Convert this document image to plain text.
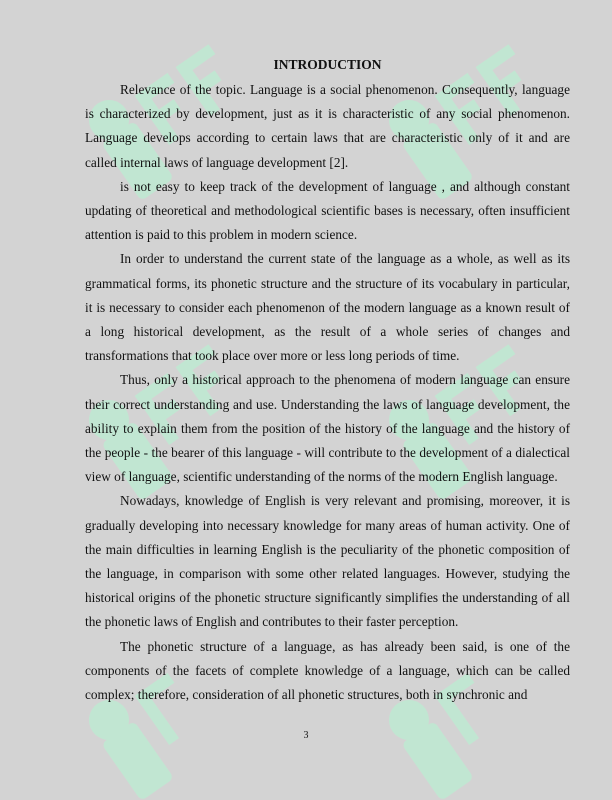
INTRODUCTION

Relevance of the topic. Language is a social phenomenon. Consequently, language is characterized by development, just as it is characteristic of any social phenomenon. Language develops according to certain laws that are characteristic only of it and are called internal laws of language development [2].

is not easy to keep track of the development of language , and although constant updating of theoretical and methodological scientific bases is necessary, often insufficient attention is paid to this problem in modern science.

In order to understand the current state of the language as a whole, as well as its grammatical forms, its phonetic structure and the structure of its vocabulary in particular, it is necessary to consider each phenomenon of the modern language as a known result of a long historical development, as the result of a whole series of changes and transformations that took place over more or less long periods of time.

Thus, only a historical approach to the phenomena of modern language can ensure their correct understanding and use. Understanding the laws of language development, the ability to explain them from the position of the history of the language and the history of the people - the bearer of this language - will contribute to the development of a dialectical view of language, scientific understanding of the norms of the modern English language.

Nowadays, knowledge of English is very relevant and promising, moreover, it is gradually developing into necessary knowledge for many areas of human activity. One of the main difficulties in learning English is the peculiarity of the phonetic composition of the language, in comparison with some other related languages. However, studying the historical origins of the phonetic structure significantly simplifies the understanding of all the phonetic laws of English and contributes to their faster perception.

The phonetic structure of a language, as has already been said, is one of the components of the facets of complete knowledge of a language, which can be called complex; therefore, consideration of all phonetic structures, both in synchronic and

3
